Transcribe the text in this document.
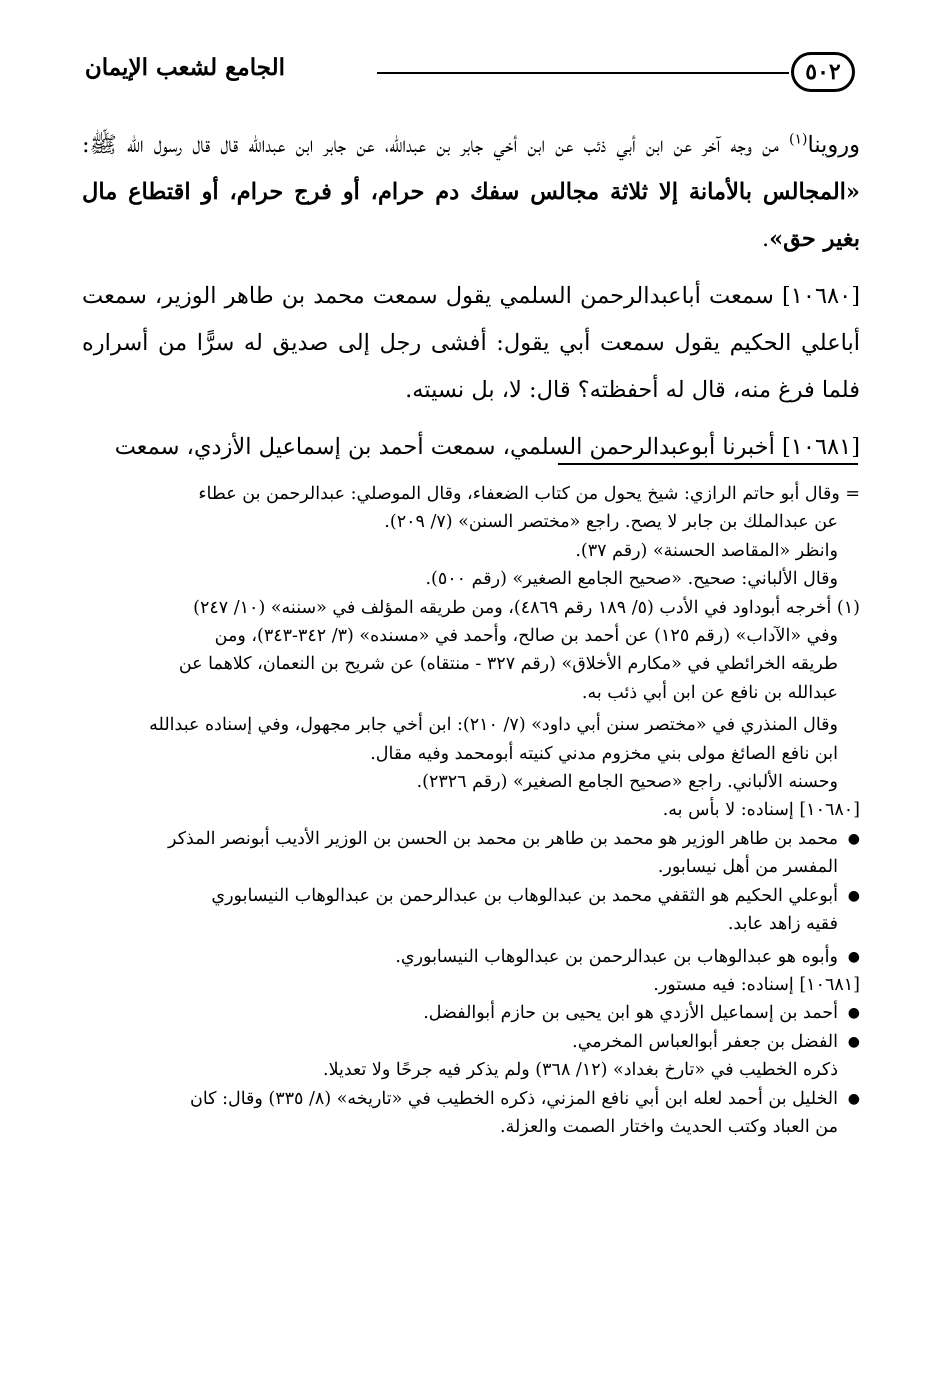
٥٠٢
الجامع لشعب الإيمان

وروينا$^{(١)}$ من وجه آخر عن ابن أبي ذئب عن ابن أخي جابر بن عبدالله، عن جابر ابن عبدالله قال قال رسول الله ﷺ: «المجالس بالأمانة إلا ثلاثة مجالس سفك دم حرام، أو فرج حرام، أو اقتطاع مال بغير حق».

[١٠٦٨٠] سمعت أباعبدالرحمن السلمي يقول سمعت محمد بن طاهر الوزير، سمعت أباعلي الحكيم يقول سمعت أبي يقول: أفشى رجل إلى صديق له سرًّا من أسراره فلما فرغ منه، قال له أحفظته؟ قال: لا، بل نسيته.

[١٠٦٨١] أخبرنا أبوعبدالرحمن السلمي، سمعت أحمد بن إسماعيل الأزدي، سمعت

= وقال أبو حاتم الرازي: شيخ يحول من كتاب الضعفاء، وقال الموصلي: عبدالرحمن بن عطاء

عن عبدالملك بن جابر لا يصح. راجع «مختصر السنن» (٧/ ٢٠٩).

وانظر «المقاصد الحسنة» (رقم ٣٧).

وقال الألباني: صحيح. «صحيح الجامع الصغير» (رقم ٥٠٠).

(١) أخرجه أبوداود في الأدب (٥/ ١٨٩ رقم ٤٨٦٩)، ومن طريقه المؤلف في «سننه» (١٠/ ٢٤٧)

وفي «الآداب» (رقم ١٢٥) عن أحمد بن صالح، وأحمد في «مسنده» (٣/ ٣٤٢-٣٤٣)، ومن

طريقه الخرائطي في «مكارم الأخلاق» (رقم ٣٢٧ - منتقاه) عن شريح بن النعمان، كلاهما عن

عبدالله بن نافع عن ابن أبي ذئب به.

وقال المنذري في «مختصر سنن أبي داود» (٧/ ٢١٠): ابن أخي جابر مجهول، وفي إسناده عبدالله

ابن نافع الصائغ مولى بني مخزوم مدني كنيته أبومحمد وفيه مقال.

وحسنه الألباني. راجع «صحيح الجامع الصغير» (رقم ٢٣٢٦).

[١٠٦٨٠] إسناده: لا بأس به.

●
محمد بن طاهر الوزير هو محمد بن طاهر بن محمد بن الحسن بن الوزير الأديب أبونصر المذكر

المفسر من أهل نيسابور.

●
أبوعلي الحكيم هو الثقفي محمد بن عبدالوهاب بن عبدالرحمن بن عبدالوهاب النيسابوري

فقيه زاهد عابد.

●
وأبوه هو عبدالوهاب بن عبدالرحمن بن عبدالوهاب النيسابوري.

[١٠٦٨١] إسناده: فيه مستور.

●
أحمد بن إسماعيل الأزدي هو ابن يحيى بن حازم أبوالفضل.

●
الفضل بن جعفر أبوالعباس المخرمي.

ذكره الخطيب في «تارخ بغداد» (١٢/ ٣٦٨) ولم يذكر فيه جرحًا ولا تعديلا.

●
الخليل بن أحمد لعله ابن أبي نافع المزني، ذكره الخطيب في «تاريخه» (٨/ ٣٣٥) وقال: كان

من العباد وكتب الحديث واختار الصمت والعزلة.
